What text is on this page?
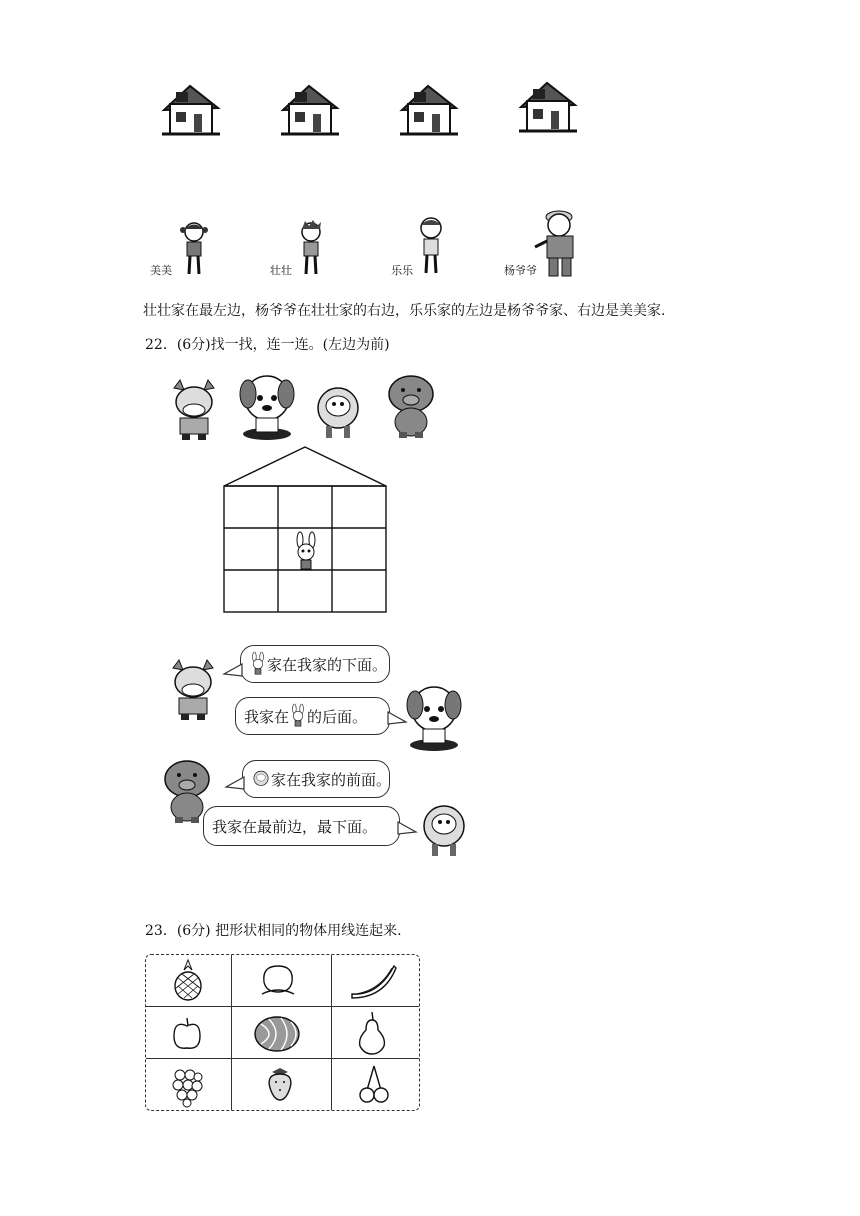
美美	壮壮	乐乐	杨爷爷

壮壮家在最左边，杨爷爷在壮壮家的右边，乐乐家的左边是杨爷爷家、右边是美美家.

22．(6分)找一找，连一连。(左边为前)

家在我家的下面 。
我家在 的后面 。
家在我家的前面 。
我家在最前边，最下面 。

23．(6分) 把形状相同的物体用线连起来.
